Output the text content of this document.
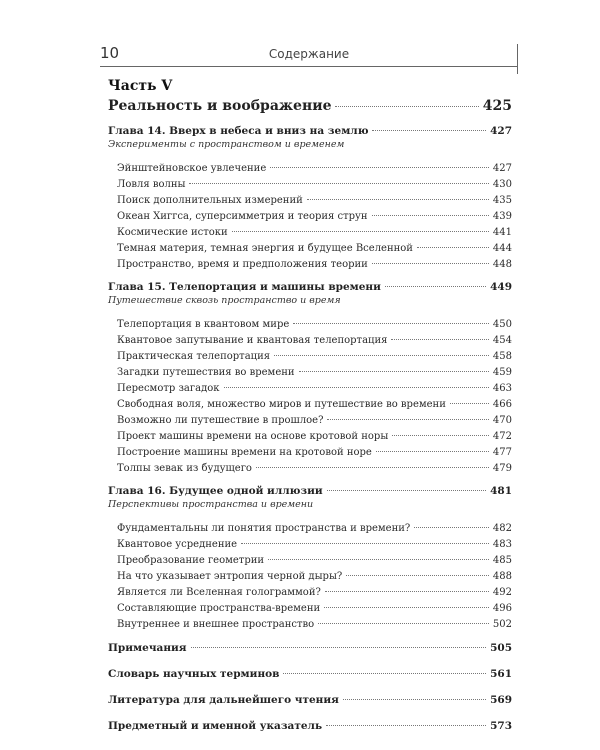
10	Содержание
Часть V
Реальность и воображение	425
Глава 14. Вверх в небеса и вниз на землю	427
Эксперименты с пространством и временем
Эйнштейновское увлечение	427
Ловля волны	430
Поиск дополнительных измерений	435
Океан Хиггса, суперсимметрия и теория струн	439
Космические истоки	441
Темная материя, темная энергия и будущее Вселенной	444
Пространство, время и предположения теории	448
Глава 15. Телепортация и машины времени	449
Путешествие сквозь пространство и время
Телепортация в квантовом мире	450
Квантовое запутывание и квантовая телепортация	454
Практическая телепортация	458
Загадки путешествия во времени	459
Пересмотр загадок	463
Свободная воля, множество миров и путешествие во времени	466
Возможно ли путешествие в прошлое?	470
Проект машины времени на основе кротовой норы	472
Построение машины времени на кротовой норе	477
Толпы зевак из будущего	479
Глава 16. Будущее одной иллюзии	481
Перспективы пространства и времени
Фундаментальны ли понятия пространства и времени?	482
Квантовое усреднение	483
Преобразование геометрии	485
На что указывает энтропия черной дыры?	488
Является ли Вселенная голограммой?	492
Составляющие пространства-времени	496
Внутреннее и внешнее пространство	502
Примечания	505
Словарь научных терминов	561
Литература для дальнейшего чтения	569
Предметный и именной указатель	573
